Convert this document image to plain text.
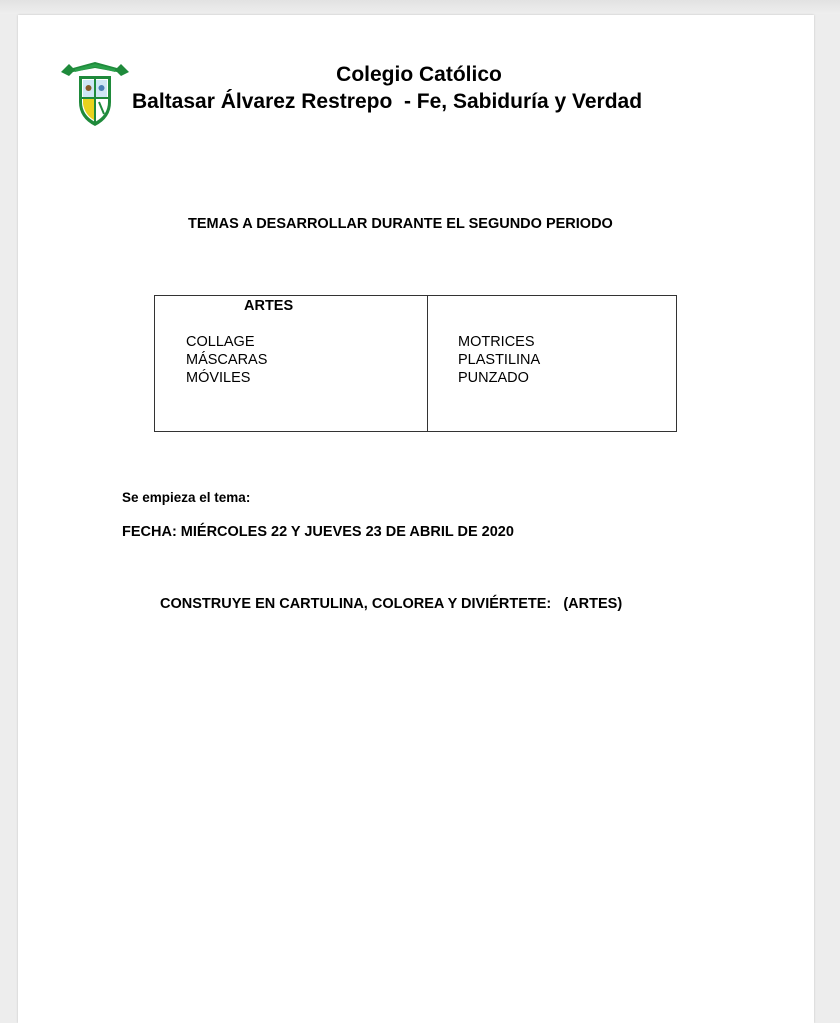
Colegio Católico
Baltasar Álvarez Restrepo  - Fe, Sabiduría y Verdad
TEMAS A DESARROLLAR DURANTE EL SEGUNDO PERIODO
ARTES
COLLAGE
MÁSCARAS
MÓVILES
MOTRICES
PLASTILINA
PUNZADO
Se empieza el tema:
FECHA: MIÉRCOLES 22 Y JUEVES 23 DE ABRIL DE 2020
CONSTRUYE EN CARTULINA, COLOREA Y DIVIÉRTETE:   (ARTES)
